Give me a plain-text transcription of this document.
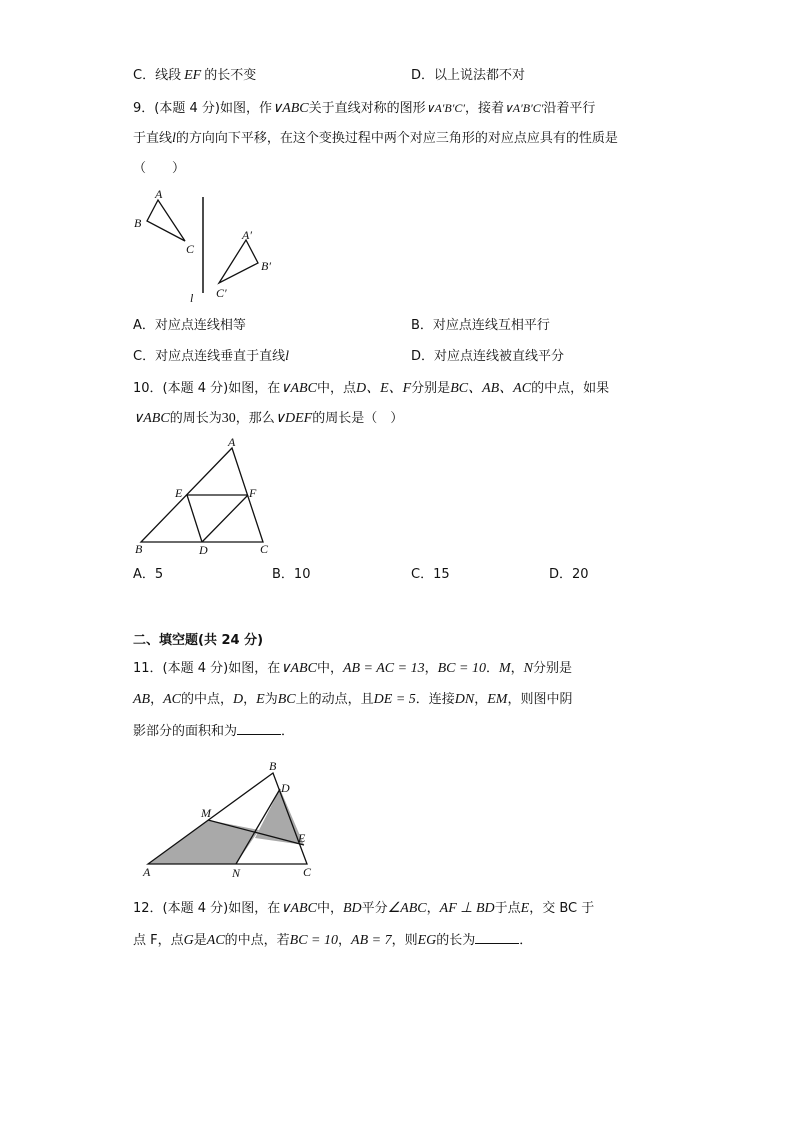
C．线段 EF 的长不变	D．以上说法都不对
9．(本题 4 分)如图，作∨ABC关于直线对称的图形∨A′B′C′，接着∨A′B′C′沿着平行
于直线l的方向向下平移，在这个变换过程中两个对应三角形的对应点应具有的性质是
（　　）
A
B
C
A′
B′
C′
l
A．对应点连线相等	B．对应点连线互相平行
C．对应点连线垂直于直线l	D．对应点连线被直线平分
10．(本题 4 分)如图，在∨ABC中，点D、E、F分别是BC、AB、AC的中点，如果
∨ABC的周长为30，那么∨DEF的周长是（　）
A
B	C
D
E	F
A．5	B．10	C．15	D．20
二、填空题(共 24 分)
11．(本题 4 分)如图，在∨ABC中，AB = AC = 13，BC = 10．M，N分别是
AB，AC的中点，D，E为BC上的动点，且DE = 5．连接DN，EM，则图中阴
影部分的面积和为	．
A
B
C
D
E
M
N
12．(本题 4 分)如图，在∨ABC中，BD平分∠ABC，AF ⊥ BD于点E，交 BC 于
点 F，点G是AC的中点，若BC = 10，AB = 7，则EG的长为	．
